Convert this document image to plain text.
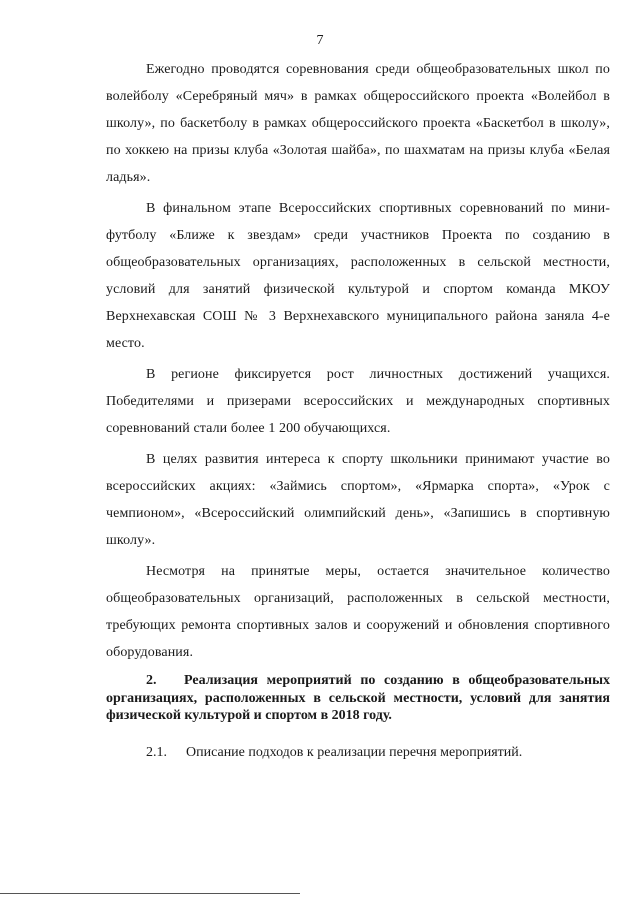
7

Ежегодно проводятся соревнования среди общеобразовательных школ по волейболу «Серебряный мяч» в рамках общероссийского проекта «Волейбол в школу», по баскетболу в рамках общероссийского проекта «Баскетбол в школу», по хоккею на призы клуба «Золотая шайба», по шахматам на призы клуба «Белая ладья».

В финальном этапе Всероссийских спортивных соревнований по мини-футболу «Ближе к звездам» среди участников Проекта по созданию в общеобразовательных организациях, расположенных в сельской местности, условий для занятий физической культурой и спортом команда МКОУ Верхнехавская СОШ № 3 Верхнехавского муниципального района заняла 4-е место.

В регионе фиксируется рост личностных достижений учащихся. Победителями и призерами всероссийских и международных спортивных соревнований стали более 1 200 обучающихся.

В целях развития интереса к спорту школьники принимают участие во всероссийских акциях: «Займись спортом», «Ярмарка спорта», «Урок с чемпионом», «Всероссийский олимпийский день», «Запишись в спортивную школу».

Несмотря на принятые меры, остается значительное количество общеобразовательных организаций, расположенных в сельской местности, требующих ремонта спортивных залов и сооружений и обновления спортивного оборудования.

2. Реализация мероприятий по созданию в общеобразовательных организациях, расположенных в сельской местности, условий для занятия физической культурой и спортом в 2018 году.
2.1. Описание подходов к реализации перечня мероприятий.
